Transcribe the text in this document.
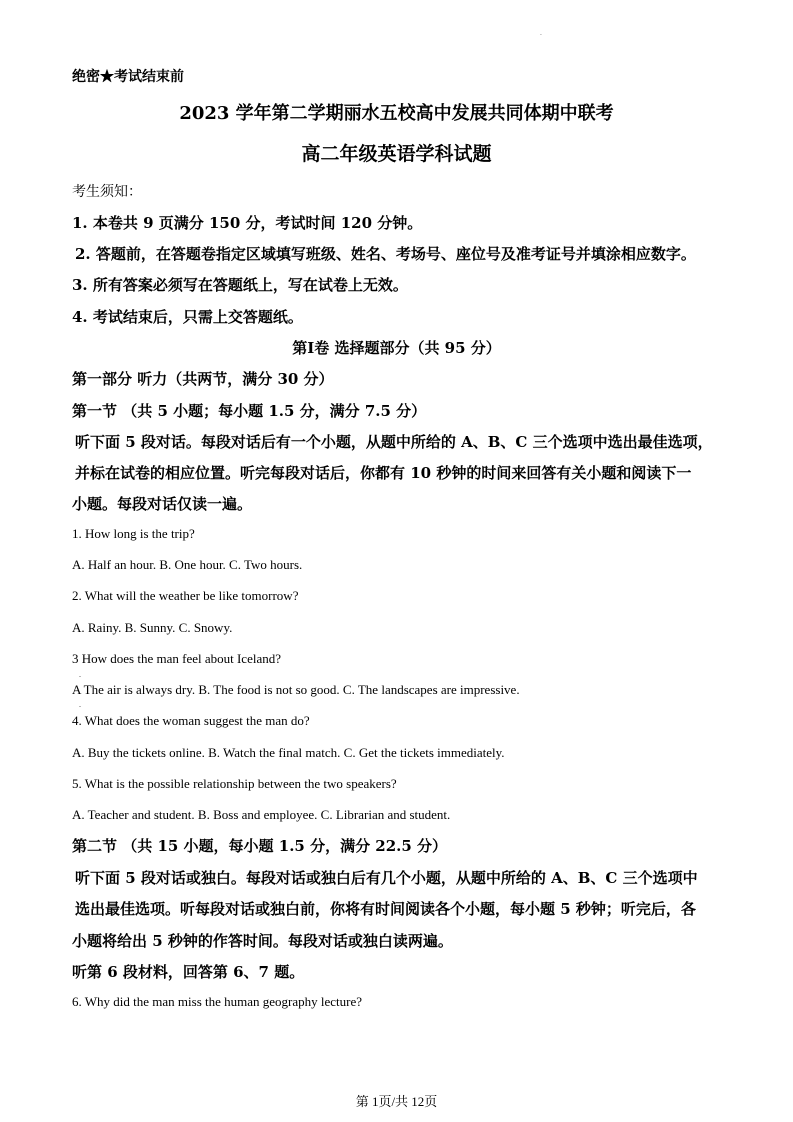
.
绝密★考试结束前
2023 学年第二学期丽水五校高中发展共同体期中联考
高二年级英语学科试题
考生须知：
1. 本卷共 9 页满分 150 分，考试时间 120 分钟。
2. 答题前，在答题卷指定区域填写班级、姓名、考场号、座位号及准考证号并填涂相应数字。
3. 所有答案必须写在答题纸上，写在试卷上无效。
4. 考试结束后，只需上交答题纸。
第Ⅰ卷 选择题部分（共 95 分）
第一部分 听力（共两节，满分 30 分）
第一节 （共 5 小题；每小题 1.5 分，满分 7.5 分）
听下面 5 段对话。每段对话后有一个小题，从题中所给的 A、B、C 三个选项中选出最佳选项，
并标在试卷的相应位置。听完每段对话后，你都有 10 秒钟的时间来回答有关小题和阅读下一
小题。每段对话仅读一遍。
1. How long is the trip?
A. Half an hour. B. One hour. C. Two hours.
2. What will the weather be like tomorrow?
A. Rainy. B. Sunny. C. Snowy.
3 How does the man feel about Iceland?
.
A The air is always dry. B. The food is not so good. C. The landscapes are impressive.
.
4. What does the woman suggest the man do?
A. Buy the tickets online. B. Watch the final match. C. Get the tickets immediately.
5. What is the possible relationship between the two speakers?
A. Teacher and student. B. Boss and employee. C. Librarian and student.
第二节 （共 15 小题，每小题 1.5 分，满分 22.5 分）
听下面 5 段对话或独白。每段对话或独白后有几个小题，从题中所给的 A、B、C 三个选项中
选出最佳选项。听每段对话或独白前，你将有时间阅读各个小题，每小题 5 秒钟；听完后，各
小题将给出 5 秒钟的作答时间。每段对话或独白读两遍。
听第 6 段材料，回答第 6、7 题。
6. Why did the man miss the human geography lecture?
第 1页/共 12页
